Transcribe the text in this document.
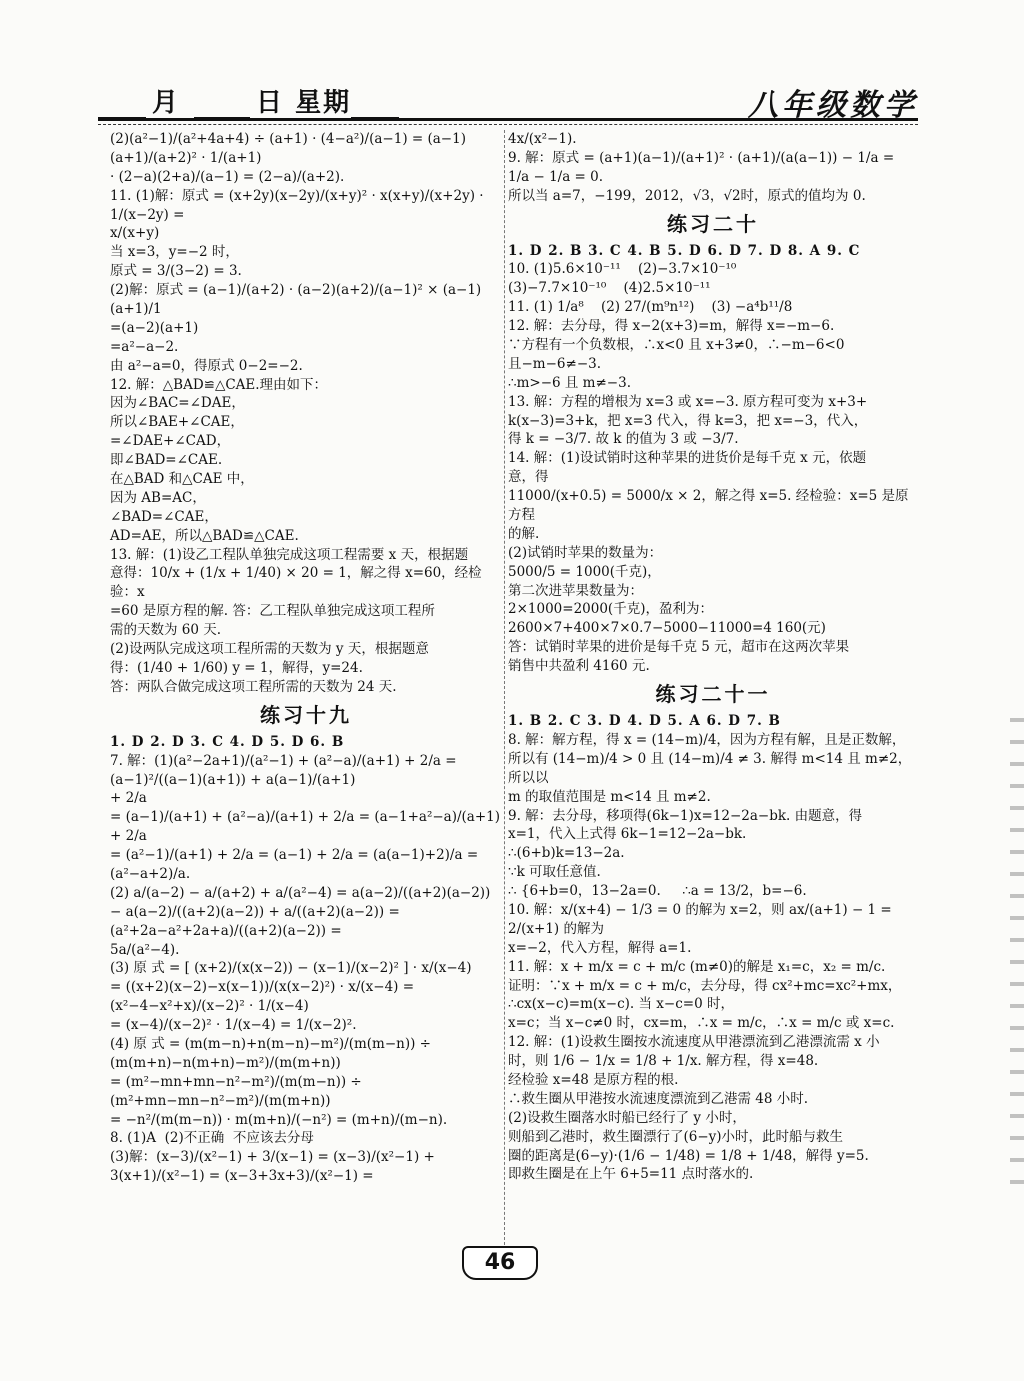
月	日 星期	八年级数学
(2)(a²−1)/(a²+4a+4) ÷ (a+1) · (4−a²)/(a−1) = (a−1)(a+1)/(a+2)² · 1/(a+1)
· (2−a)(2+a)/(a−1) = (2−a)/(a+2).
11. (1)解：原式 = (x+2y)(x−2y)/(x+y)² · x(x+y)/(x+2y) · 1/(x−2y) =
x/(x+y)
当 x=3，y=−2 时，
原式 = 3/(3−2) = 3.
(2)解：原式 = (a−1)/(a+2) · (a−2)(a+2)/(a−1)² × (a−1)(a+1)/1
=(a−2)(a+1)
=a²−a−2.
由 a²−a=0，得原式 0−2=−2.
12. 解：△BAD≌△CAE.理由如下：
因为∠BAC=∠DAE，
所以∠BAE+∠CAE，
=∠DAE+∠CAD，
即∠BAD=∠CAE.
在△BAD 和△CAE 中，
因为 AB=AC，
∠BAD=∠CAE，
AD=AE，所以△BAD≌△CAE.
13. 解：(1)设乙工程队单独完成这项工程需要 x 天，根据题
意得：10/x + (1/x + 1/40) × 20 = 1，解之得 x=60，经检验：x
=60 是原方程的解. 答：乙工程队单独完成这项工程所
需的天数为 60 天.
(2)设两队完成这项工程所需的天数为 y 天，根据题意
得：(1/40 + 1/60) y = 1，解得，y=24.
答：两队合做完成这项工程所需的天数为 24 天.
练习十九
1. D 2. D 3. C 4. D 5. D 6. B
7. 解：(1)(a²−2a+1)/(a²−1) + (a²−a)/(a+1) + 2/a = (a−1)²/((a−1)(a+1)) + a(a−1)/(a+1)
+ 2/a
= (a−1)/(a+1) + (a²−a)/(a+1) + 2/a = (a−1+a²−a)/(a+1) + 2/a
= (a²−1)/(a+1) + 2/a = (a−1) + 2/a = (a(a−1)+2)/a = (a²−a+2)/a.
(2) a/(a−2) − a/(a+2) + a/(a²−4) = a(a−2)/((a+2)(a−2))
− a(a−2)/((a+2)(a−2)) + a/((a+2)(a−2)) = (a²+2a−a²+2a+a)/((a+2)(a−2)) =
5a/(a²−4).
(3) 原 式 = [ (x+2)/(x(x−2)) − (x−1)/(x−2)² ] · x/(x−4)
= ((x+2)(x−2)−x(x−1))/(x(x−2)²) · x/(x−4) = (x²−4−x²+x)/(x−2)² · 1/(x−4)
= (x−4)/(x−2)² · 1/(x−4) = 1/(x−2)².
(4) 原 式 = (m(m−n)+n(m−n)−m²)/(m(m−n)) ÷
(m(m+n)−n(m+n)−m²)/(m(m+n))
= (m²−mn+mn−n²−m²)/(m(m−n)) ÷ (m²+mn−mn−n²−m²)/(m(m+n))
= −n²/(m(m−n)) · m(m+n)/(−n²) = (m+n)/(m−n).
8. (1)A  (2)不正确  不应该去分母
(3)解：(x−3)/(x²−1) + 3/(x−1) = (x−3)/(x²−1) + 3(x+1)/(x²−1) = (x−3+3x+3)/(x²−1) =
4x/(x²−1).
9. 解：原式 = (a+1)(a−1)/(a+1)² · (a+1)/(a(a−1)) − 1/a = 1/a − 1/a = 0.
所以当 a=7，−199，2012，√3，√2时，原式的值均为 0.
练习二十
1. D 2. B 3. C 4. B 5. D 6. D 7. D 8. A 9. C
10. (1)5.6×10⁻¹¹    (2)−3.7×10⁻¹⁰
(3)−7.7×10⁻¹⁰    (4)2.5×10⁻¹¹
11. (1) 1/a⁸    (2) 27/(m⁹n¹²)    (3) −a⁴b¹¹/8
12. 解：去分母，得 x−2(x+3)=m，解得 x=−m−6.
∵方程有一个负数根，∴x<0 且 x+3≠0，∴−m−6<0
且−m−6≠−3.
∴m>−6 且 m≠−3.
13. 解：方程的增根为 x=3 或 x=−3. 原方程可变为 x+3+
k(x−3)=3+k，把 x=3 代入，得 k=3，把 x=−3，代入，
得 k = −3/7. 故 k 的值为 3 或 −3/7.
14. 解：(1)设试销时这种苹果的进货价是每千克 x 元，依题
意，得
11000/(x+0.5) = 5000/x × 2，解之得 x=5. 经检验：x=5 是原方程
的解.
(2)试销时苹果的数量为：
5000/5 = 1000(千克)，
第二次进苹果数量为：
2×1000=2000(千克)，盈利为：
2600×7+400×7×0.7−5000−11000=4 160(元)
答：试销时苹果的进价是每千克 5 元，超市在这两次苹果
销售中共盈利 4160 元.
练习二十一
1. B 2. C 3. D 4. D 5. A 6. D 7. B
8. 解：解方程，得 x = (14−m)/4，因为方程有解，且是正数解，
所以有 (14−m)/4 > 0 且 (14−m)/4 ≠ 3. 解得 m<14 且 m≠2，所以以
m 的取值范围是 m<14 且 m≠2.
9. 解：去分母，移项得(6k−1)x=12−2a−bk. 由题意，得
x=1，代入上式得 6k−1=12−2a−bk.
∴(6+b)k=13−2a.
∵k 可取任意值.
∴ {6+b=0，13−2a=0.     ∴a = 13/2，b=−6.
10. 解：x/(x+4) − 1/3 = 0 的解为 x=2，则 ax/(a+1) − 1 = 2/(x+1) 的解为
x=−2，代入方程，解得 a=1.
11. 解：x + m/x = c + m/c (m≠0)的解是 x₁=c，x₂ = m/c.
证明：∵x + m/x = c + m/c，去分母，得 cx²+mc=xc²+mx，
∴cx(x−c)=m(x−c). 当 x−c=0 时，
x=c；当 x−c≠0 时，cx=m，∴x = m/c，∴x = m/c 或 x=c.
12. 解：(1)设救生圈按水流速度从甲港漂流到乙港漂流需 x 小
时，则 1/6 − 1/x = 1/8 + 1/x. 解方程，得 x=48.
经检验 x=48 是原方程的根.
∴救生圈从甲港按水流速度漂流到乙港需 48 小时.
(2)设救生圈落水时船已经行了 y 小时，
则船到乙港时，救生圈漂行了(6−y)小时，此时船与救生
圈的距离是(6−y)·(1/6 − 1/48) = 1/8 + 1/48，解得 y=5.
即救生圈是在上午 6+5=11 点时落水的.
46
